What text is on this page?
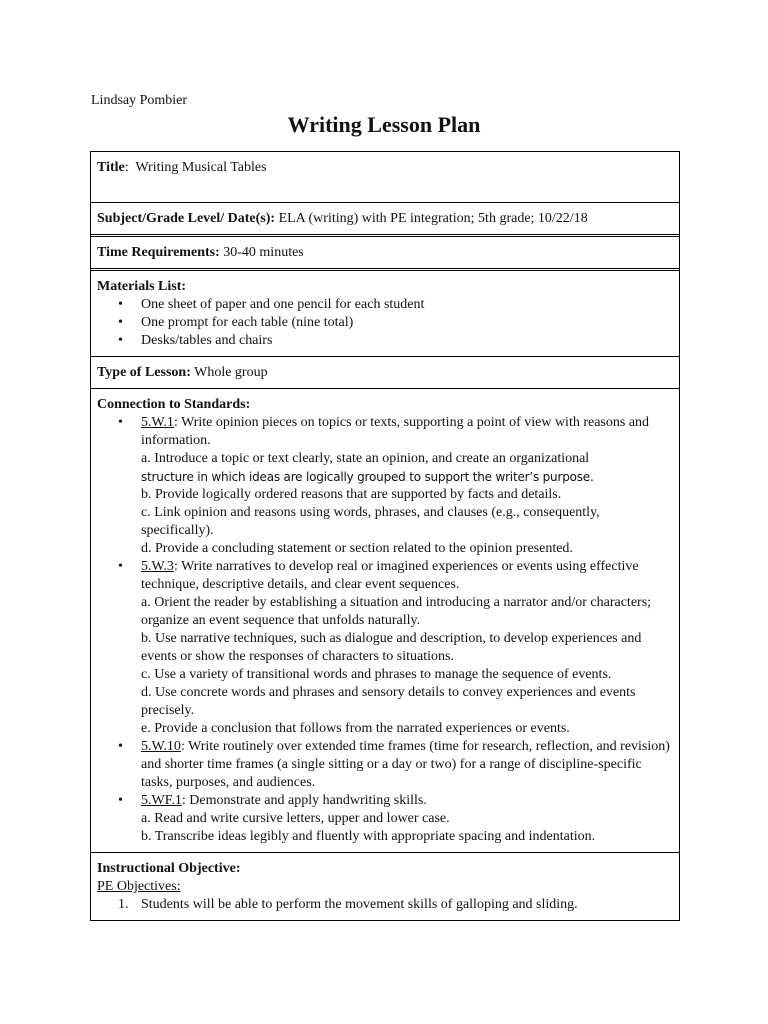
Lindsay Pombier
Writing Lesson Plan
Title:  Writing Musical Tables
Subject/Grade Level/ Date(s): ELA (writing) with PE integration; 5th grade; 10/22/18
Time Requirements: 30-40 minutes
Materials List:
• One sheet of paper and one pencil for each student
• One prompt for each table (nine total)
• Desks/tables and chairs
Type of Lesson: Whole group
Connection to Standards:
• 5.W.1: Write opinion pieces on topics or texts, supporting a point of view with reasons and information.
a. Introduce a topic or text clearly, state an opinion, and create an organizational
structure in which ideas are logically grouped to support the writer’s purpose.
b. Provide logically ordered reasons that are supported by facts and details.
c. Link opinion and reasons using words, phrases, and clauses (e.g., consequently, specifically).
d. Provide a concluding statement or section related to the opinion presented.
• 5.W.3: Write narratives to develop real or imagined experiences or events using effective technique, descriptive details, and clear event sequences.
a. Orient the reader by establishing a situation and introducing a narrator and/or characters; organize an event sequence that unfolds naturally.
b. Use narrative techniques, such as dialogue and description, to develop experiences and events or show the responses of characters to situations.
c. Use a variety of transitional words and phrases to manage the sequence of events.
d. Use concrete words and phrases and sensory details to convey experiences and events precisely.
e. Provide a conclusion that follows from the narrated experiences or events.
• 5.W.10: Write routinely over extended time frames (time for research, reflection, and revision) and shorter time frames (a single sitting or a day or two) for a range of discipline-specific tasks, purposes, and audiences.
• 5.WF.1: Demonstrate and apply handwriting skills.
a. Read and write cursive letters, upper and lower case.
b. Transcribe ideas legibly and fluently with appropriate spacing and indentation.
Instructional Objective:
PE Objectives:
1. Students will be able to perform the movement skills of galloping and sliding.
